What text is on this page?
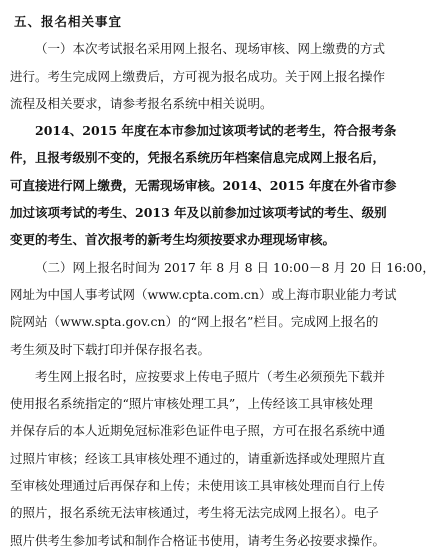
五、报名相关事宜
（一）本次考试报名采用网上报名、现场审核、网上缴费的方式
进行。考生完成网上缴费后，方可视为报名成功。关于网上报名操作
流程及相关要求，请参考报名系统中相关说明。
2014、2015 年度在本市参加过该项考试的老考生，符合报考条
件，且报考级别不变的，凭报名系统历年档案信息完成网上报名后，
可直接进行网上缴费，无需现场审核。2014、2015 年度在外省市参
加过该项考试的考生、2013 年及以前参加过该项考试的考生、级别
变更的考生、首次报考的新考生均须按要求办理现场审核。
（二）网上报名时间为 2017 年 8 月 8 日 10:00－8 月 20 日 16:00，
网址为中国人事考试网（www.cpta.com.cn）或上海市职业能力考试
院网站（www.spta.gov.cn）的“网上报名”栏目。完成网上报名的
考生须及时下载打印并保存报名表。
考生网上报名时，应按要求上传电子照片（考生必须预先下载并
使用报名系统指定的“照片审核处理工具”，上传经该工具审核处理
并保存后的本人近期免冠标准彩色证件电子照，方可在报名系统中通
过照片审核；经该工具审核处理不通过的，请重新选择或处理照片直
至审核处理通过后再保存和上传；未使用该工具审核处理而自行上传
的照片，报名系统无法审核通过，考生将无法完成网上报名）。电子
照片供考生参加考试和制作合格证书使用，请考生务必按要求操作。
